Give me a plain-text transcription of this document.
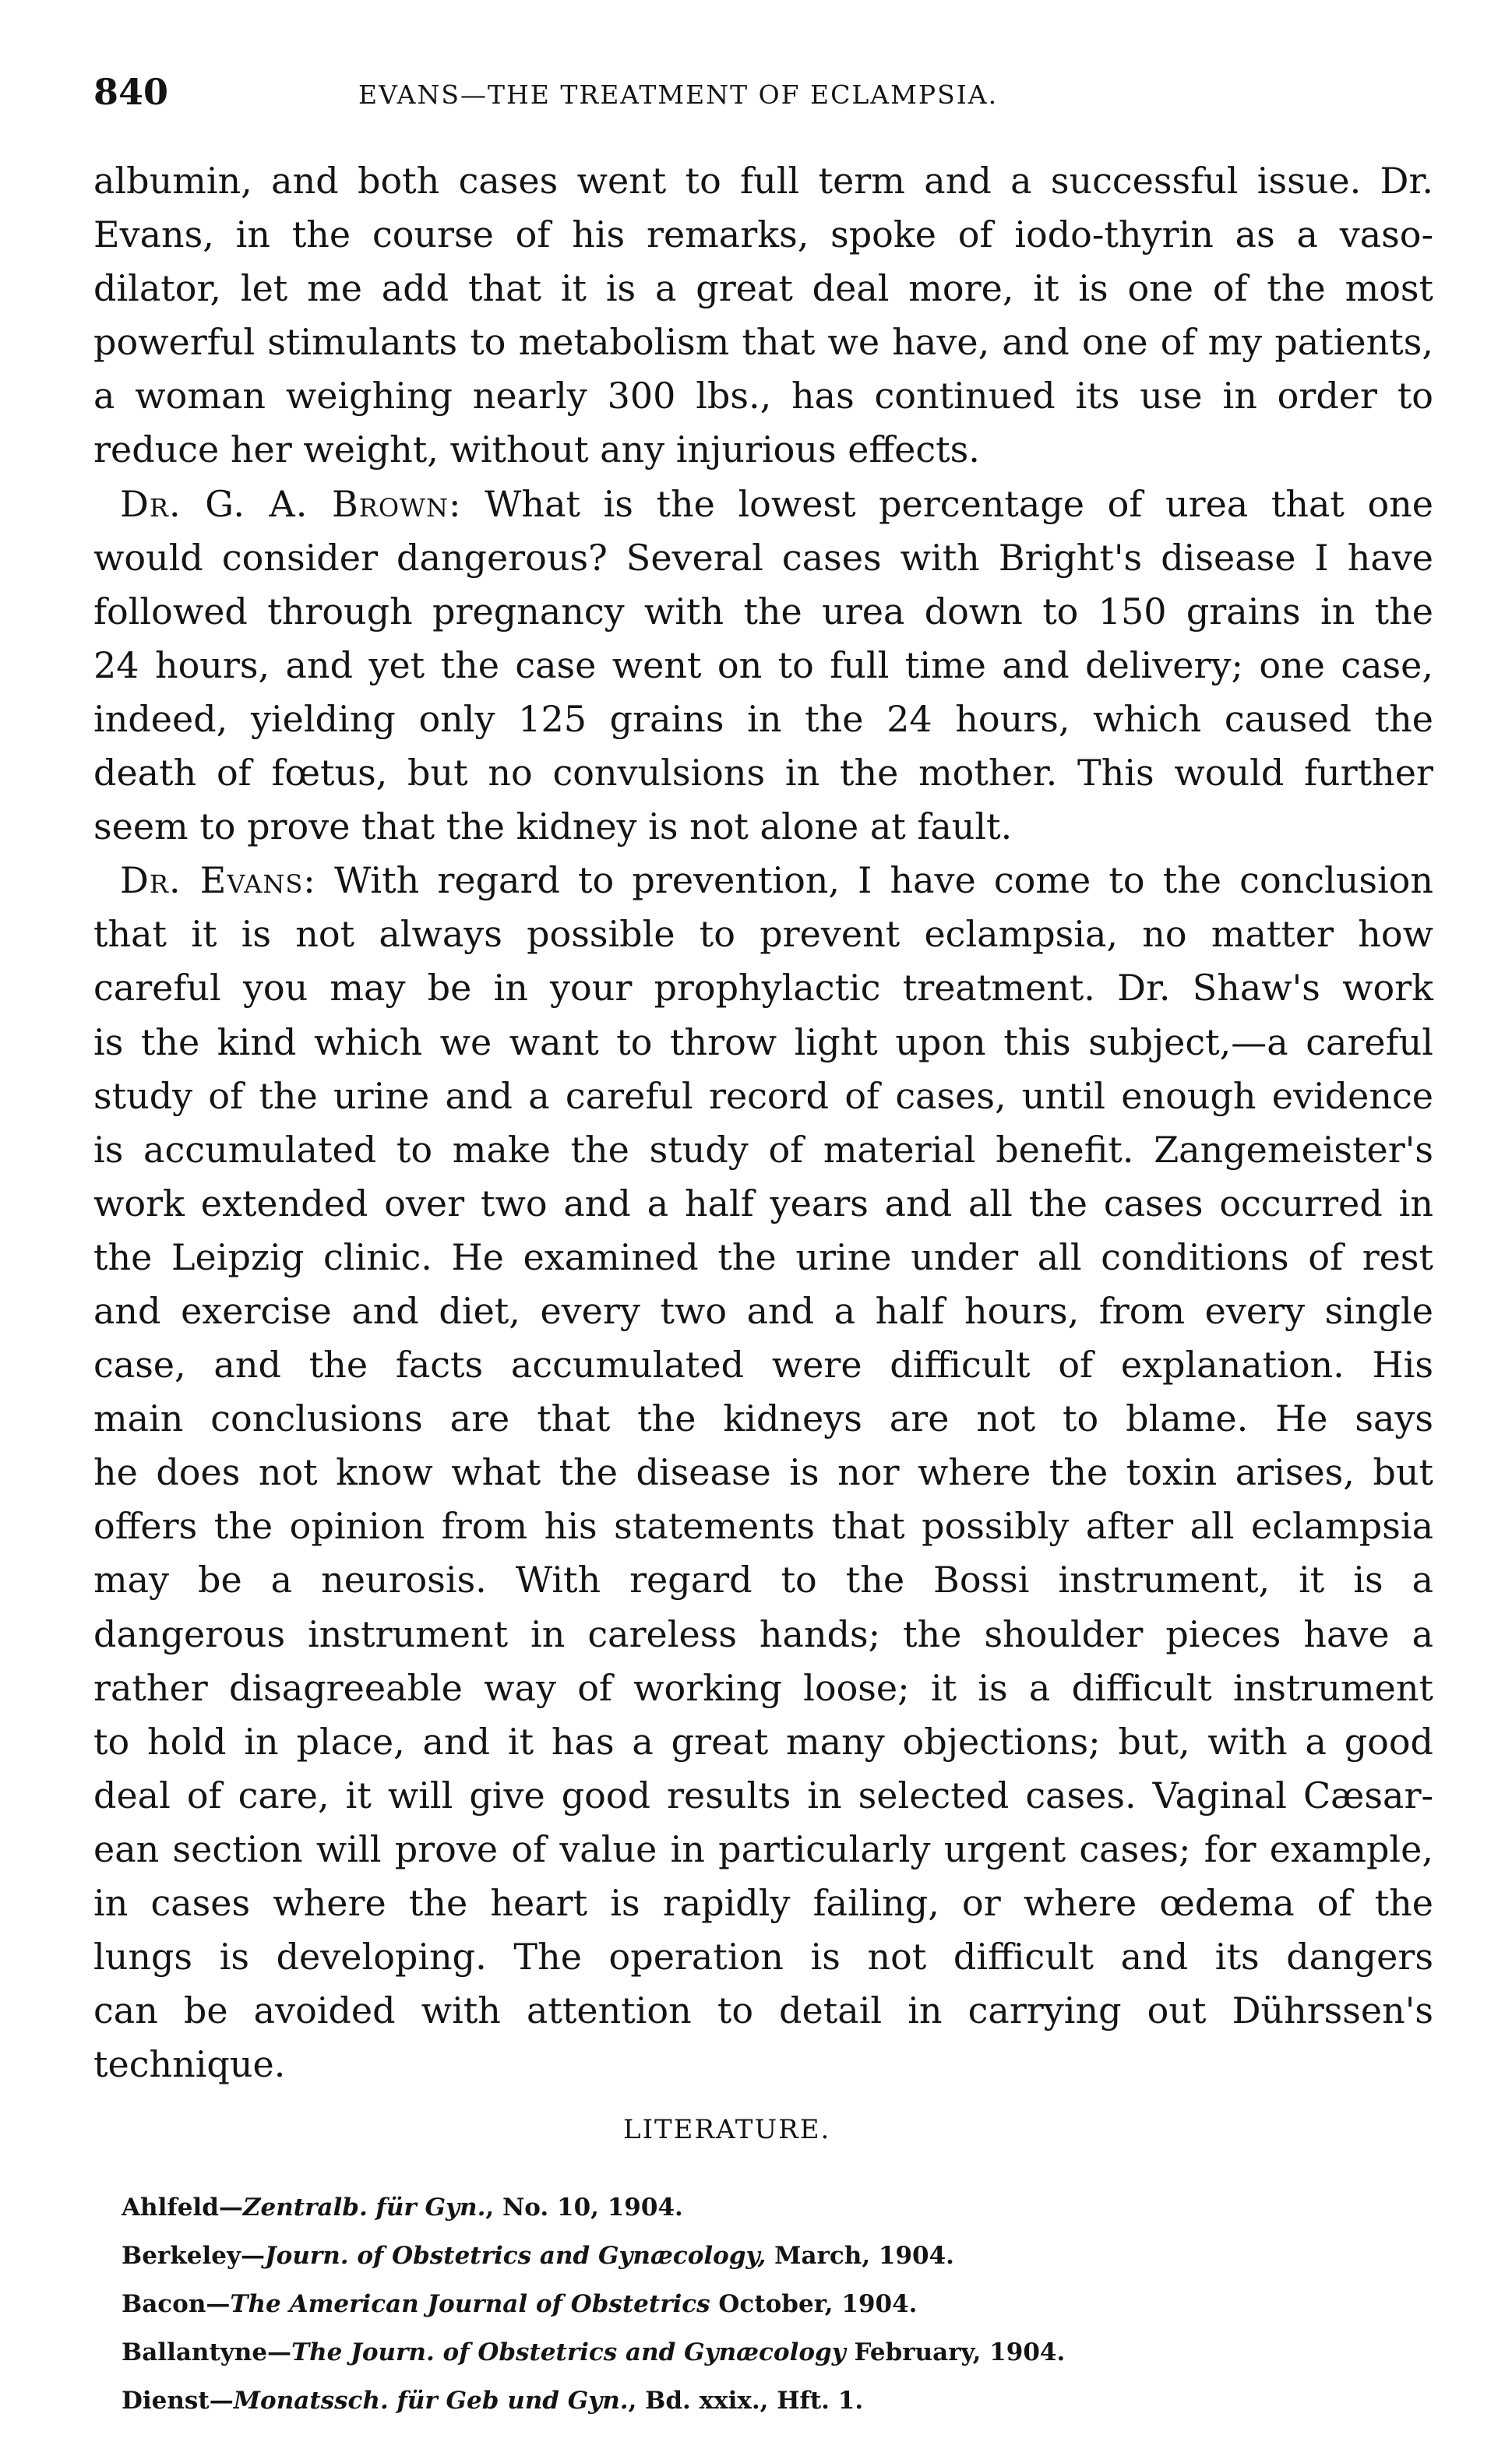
840	EVANS—THE TREATMENT OF ECLAMPSIA.
albumin, and both cases went to full term and a successful issue. Dr.
Evans, in the course of his remarks, spoke of iodo-thyrin as a vaso-
dilator, let me add that it is a great deal more, it is one of the most
powerful stimulants to metabolism that we have, and one of my patients,
a woman weighing nearly 300 lbs., has continued its use in order to
reduce her weight, without any injurious effects.
Dr. G. A. Brown: What is the lowest percentage of urea that one
would consider dangerous? Several cases with Bright's disease I have
followed through pregnancy with the urea down to 150 grains in the
24 hours, and yet the case went on to full time and delivery; one case,
indeed, yielding only 125 grains in the 24 hours, which caused the
death of fœtus, but no convulsions in the mother. This would further
seem to prove that the kidney is not alone at fault.
Dr. Evans: With regard to prevention, I have come to the conclusion
that it is not always possible to prevent eclampsia, no matter how
careful you may be in your prophylactic treatment. Dr. Shaw's work
is the kind which we want to throw light upon this subject,—a careful
study of the urine and a careful record of cases, until enough evidence
is accumulated to make the study of material benefit. Zangemeister's
work extended over two and a half years and all the cases occurred in
the Leipzig clinic. He examined the urine under all conditions of rest
and exercise and diet, every two and a half hours, from every single
case, and the facts accumulated were difficult of explanation. His
main conclusions are that the kidneys are not to blame. He says
he does not know what the disease is nor where the toxin arises, but
offers the opinion from his statements that possibly after all eclampsia
may be a neurosis. With regard to the Bossi instrument, it is a
dangerous instrument in careless hands; the shoulder pieces have a
rather disagreeable way of working loose; it is a difficult instrument
to hold in place, and it has a great many objections; but, with a good
deal of care, it will give good results in selected cases. Vaginal Cæsar-
ean section will prove of value in particularly urgent cases; for example,
in cases where the heart is rapidly failing, or where œdema of the
lungs is developing. The operation is not difficult and its dangers
can be avoided with attention to detail in carrying out Dührssen's
technique.
LITERATURE.
Ahlfeld—Zentralb. für Gyn., No. 10, 1904.
Berkeley—Journ. of Obstetrics and Gynæcology, March, 1904.
Bacon—The American Journal of Obstetrics October, 1904.
Ballantyne—The Journ. of Obstetrics and Gynæcology February, 1904.
Dienst—Monatssch. für Geb und Gyn., Bd. xxix., Hft. 1.
